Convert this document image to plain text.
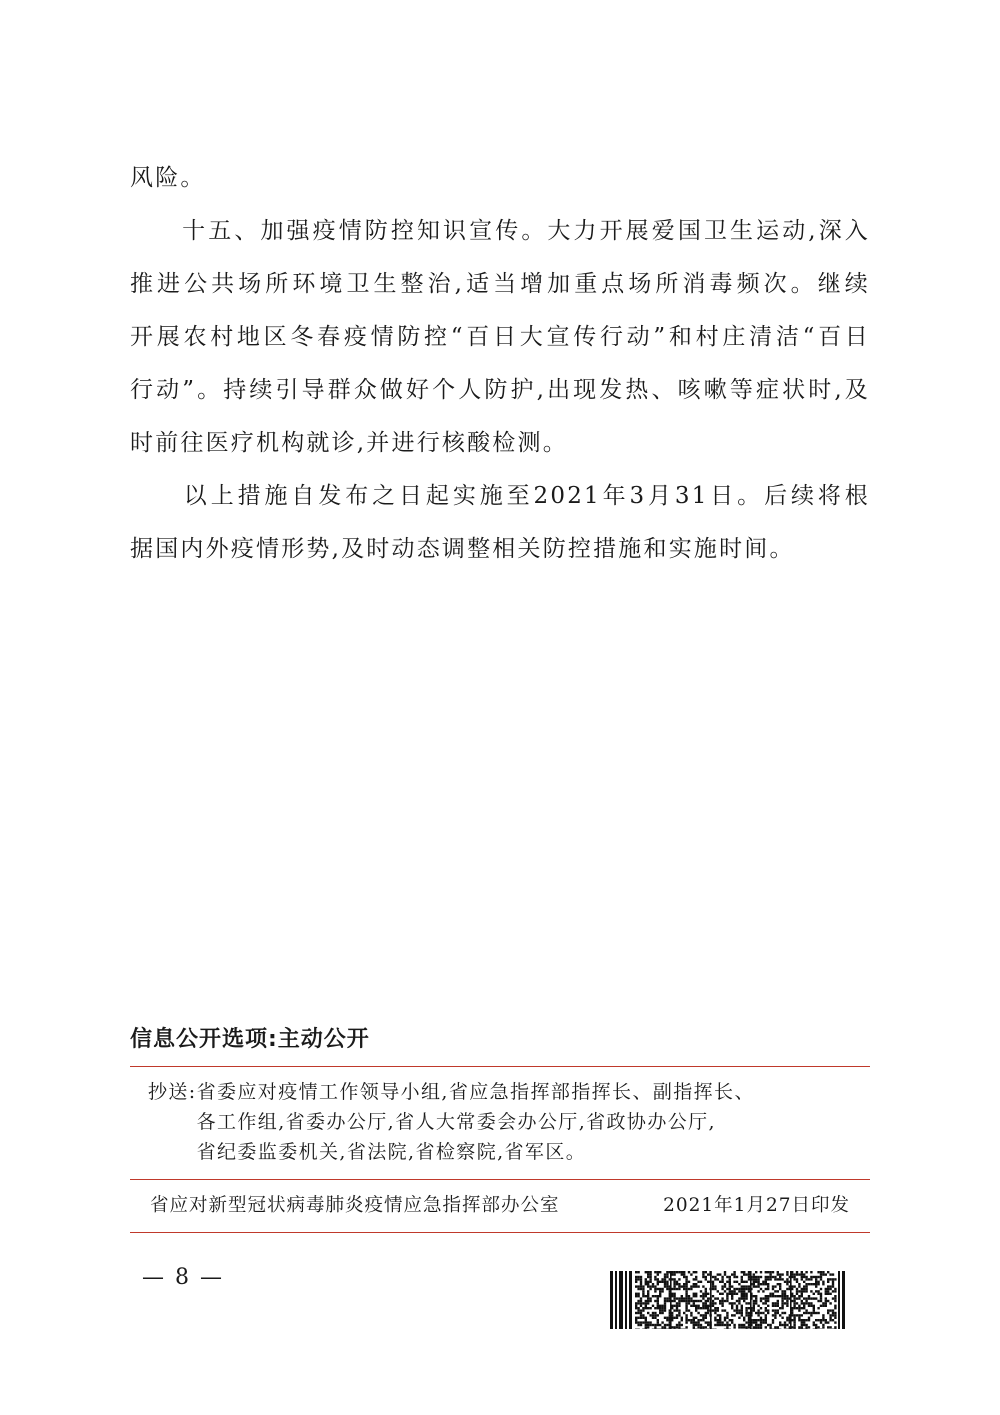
风险。
　　十五、加强疫情防控知识宣传。大力开展爱国卫生运动,深入
推进公共场所环境卫生整治,适当增加重点场所消毒频次。继续
开展农村地区冬春疫情防控“百日大宣传行动”和村庄清洁“百日
行动”。持续引导群众做好个人防护,出现发热、咳嗽等症状时,及
时前往医疗机构就诊,并进行核酸检测。
　　以上措施自发布之日起实施至2021年3月31日。后续将根
据国内外疫情形势,及时动态调整相关防控措施和实施时间。
信息公开选项:主动公开
抄送: 省委应对疫情工作领导小组,省应急指挥部指挥长、副指挥长、
各工作组,省委办公厅,省人大常委会办公厅,省政协办公厅,
省纪委监委机关,省法院,省检察院,省军区。
省应对新型冠状病毒肺炎疫情应急指挥部办公室	2021年1月27日印发
— 8 —
